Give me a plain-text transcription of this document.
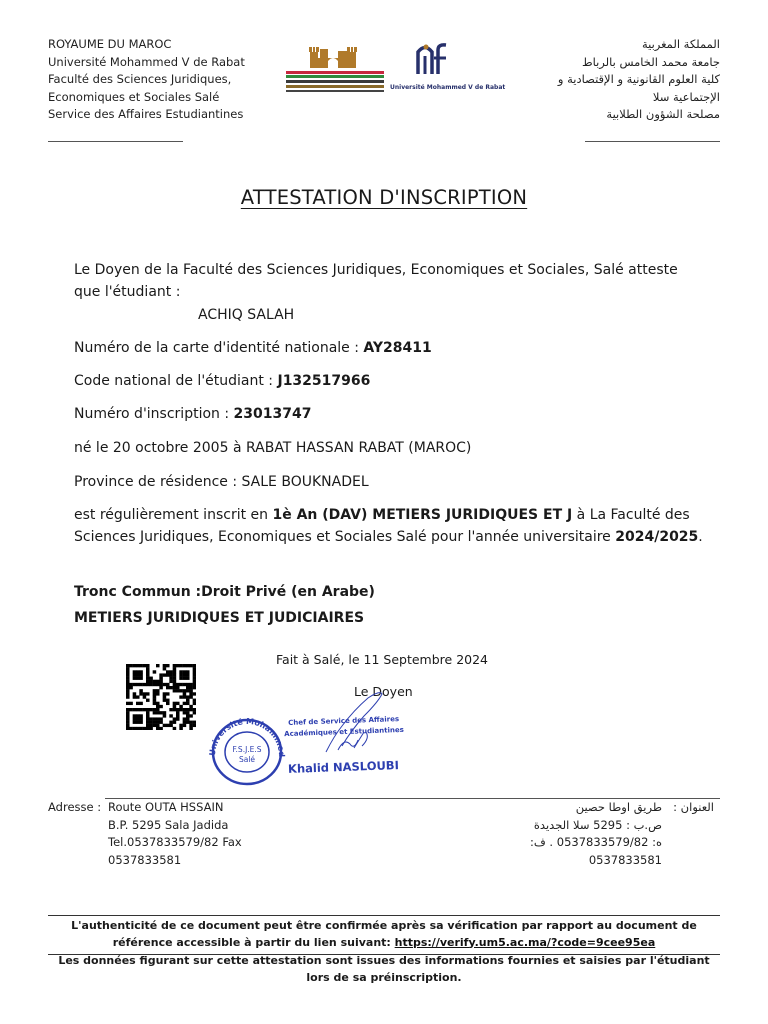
ROYAUME DU MAROC
Université Mohammed V de Rabat
Faculté des Sciences Juridiques,
Economiques et Sociales Salé
Service des Affaires Estudiantines
المملكة المغربية
جامعة محمد الخامس بالرباط
كلية العلوم القانونية و الإقتصادية و
الإجتماعية سلا
مصلحة الشؤون الطلابية
Université Mohammed V de Rabat
ATTESTATION D'INSCRIPTION
Le Doyen de la Faculté des Sciences Juridiques, Economiques et Sociales, Salé atteste que l'étudiant :
ACHIQ SALAH
Numéro de la carte d'identité nationale : AY28411
Code national de l'étudiant : J132517966
Numéro d'inscription : 23013747
né le 20 octobre 2005 à RABAT HASSAN RABAT (MAROC)
Province de résidence : SALE BOUKNADEL
est régulièrement inscrit en 1è An (DAV) METIERS JURIDIQUES ET J à La Faculté des Sciences Juridiques, Economiques et Sociales Salé pour l'année universitaire 2024/2025.
Tronc Commun :Droit Privé (en Arabe)
METIERS JURIDIQUES ET JUDICIAIRES
Fait à Salé, le 11 Septembre 2024
Le Doyen
Université Mohammed
F.S.J.E.S
Salé
Chef de Service des Affaires
Académiques et Estudiantines
Khalid NASLOUBI
Adresse : Route OUTA HSSAIN
B.P. 5295 Sala Jadida
Tel.0537833579/82 Fax
0537833581
العنوان :
طريق اوطا حصين
ص.ب : 5295 سلا الجديدة
ه: 0537833579/82 . ف:
0537833581
L'authenticité de ce document peut être confirmée après sa vérification par rapport au document de référence accessible à partir du lien suivant: https://verify.um5.ac.ma/?code=9cee95ea
Les données figurant sur cette attestation sont issues des informations fournies et saisies par l'étudiant lors de sa préinscription.
